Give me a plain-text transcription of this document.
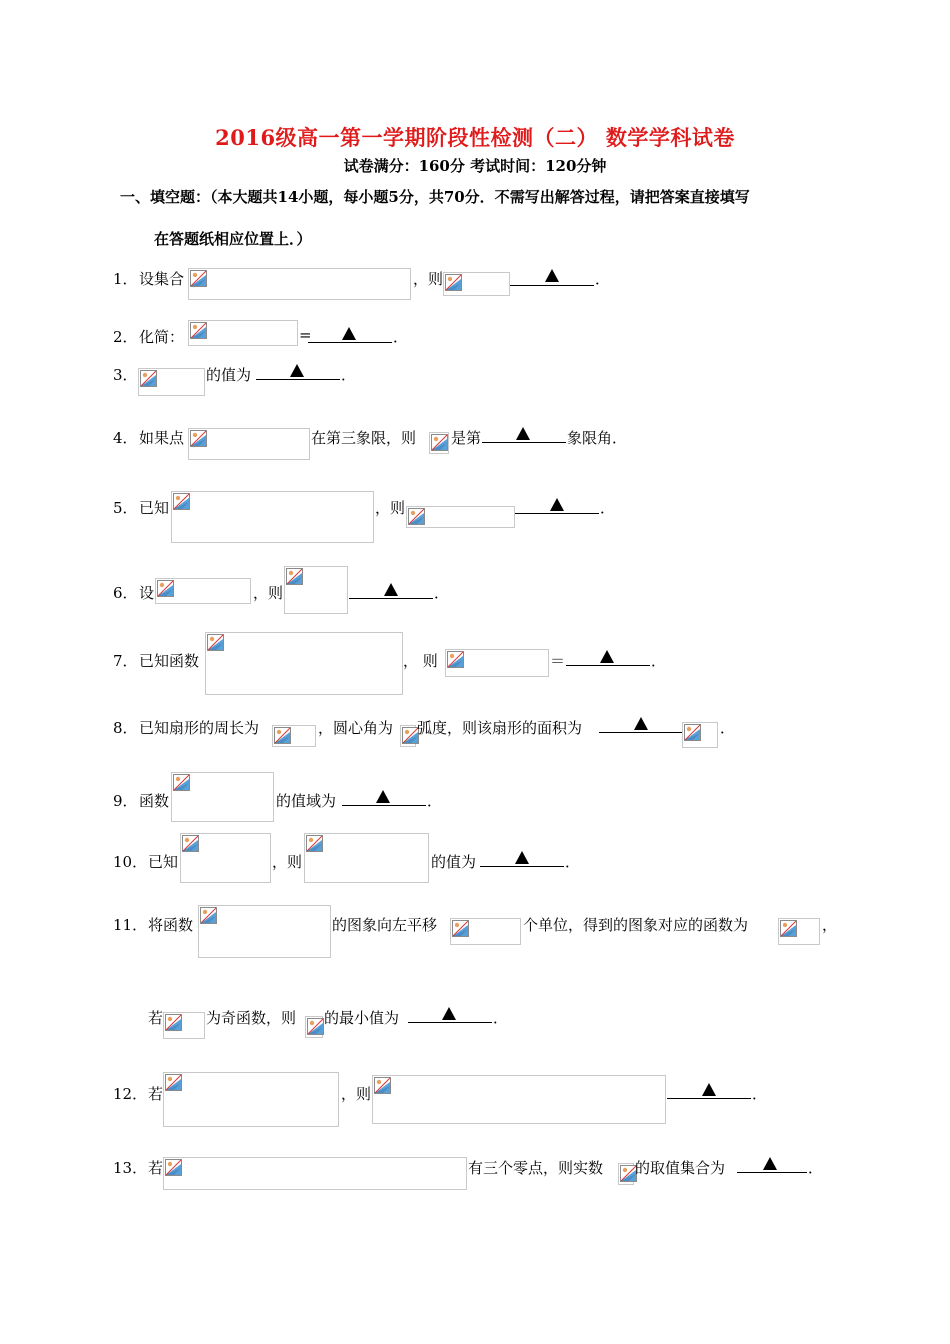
2016级高一第一学期阶段性检测（二） 数学学科试卷
试卷满分：160分 考试时间：120分钟
一、填空题：（本大题共14小题，每小题5分，共70分．不需写出解答过程，请把答案直接填写
在答题纸相应位置上．）
1． 设集合	，则	．
2． 化简：	=	．
3．	的值为	．
4． 如果点	在第三象限，则 是第	象限角．
5． 已知	，则	．
6． 设	，则	．
7． 已知函数	， 则	＝	．
8． 已知扇形的周长为	，圆心角为 弧度，则该扇形的面积为	．
9． 函数	的值域为	．
10． 已知	，则	的值为	．
11． 将函数	的图象向左平移	个单位，得到的图象对应的函数为	，
若	为奇函数，则 的最小值为	．
12． 若	，则	．
13． 若	有三个零点，则实数 的取值集合为	．
